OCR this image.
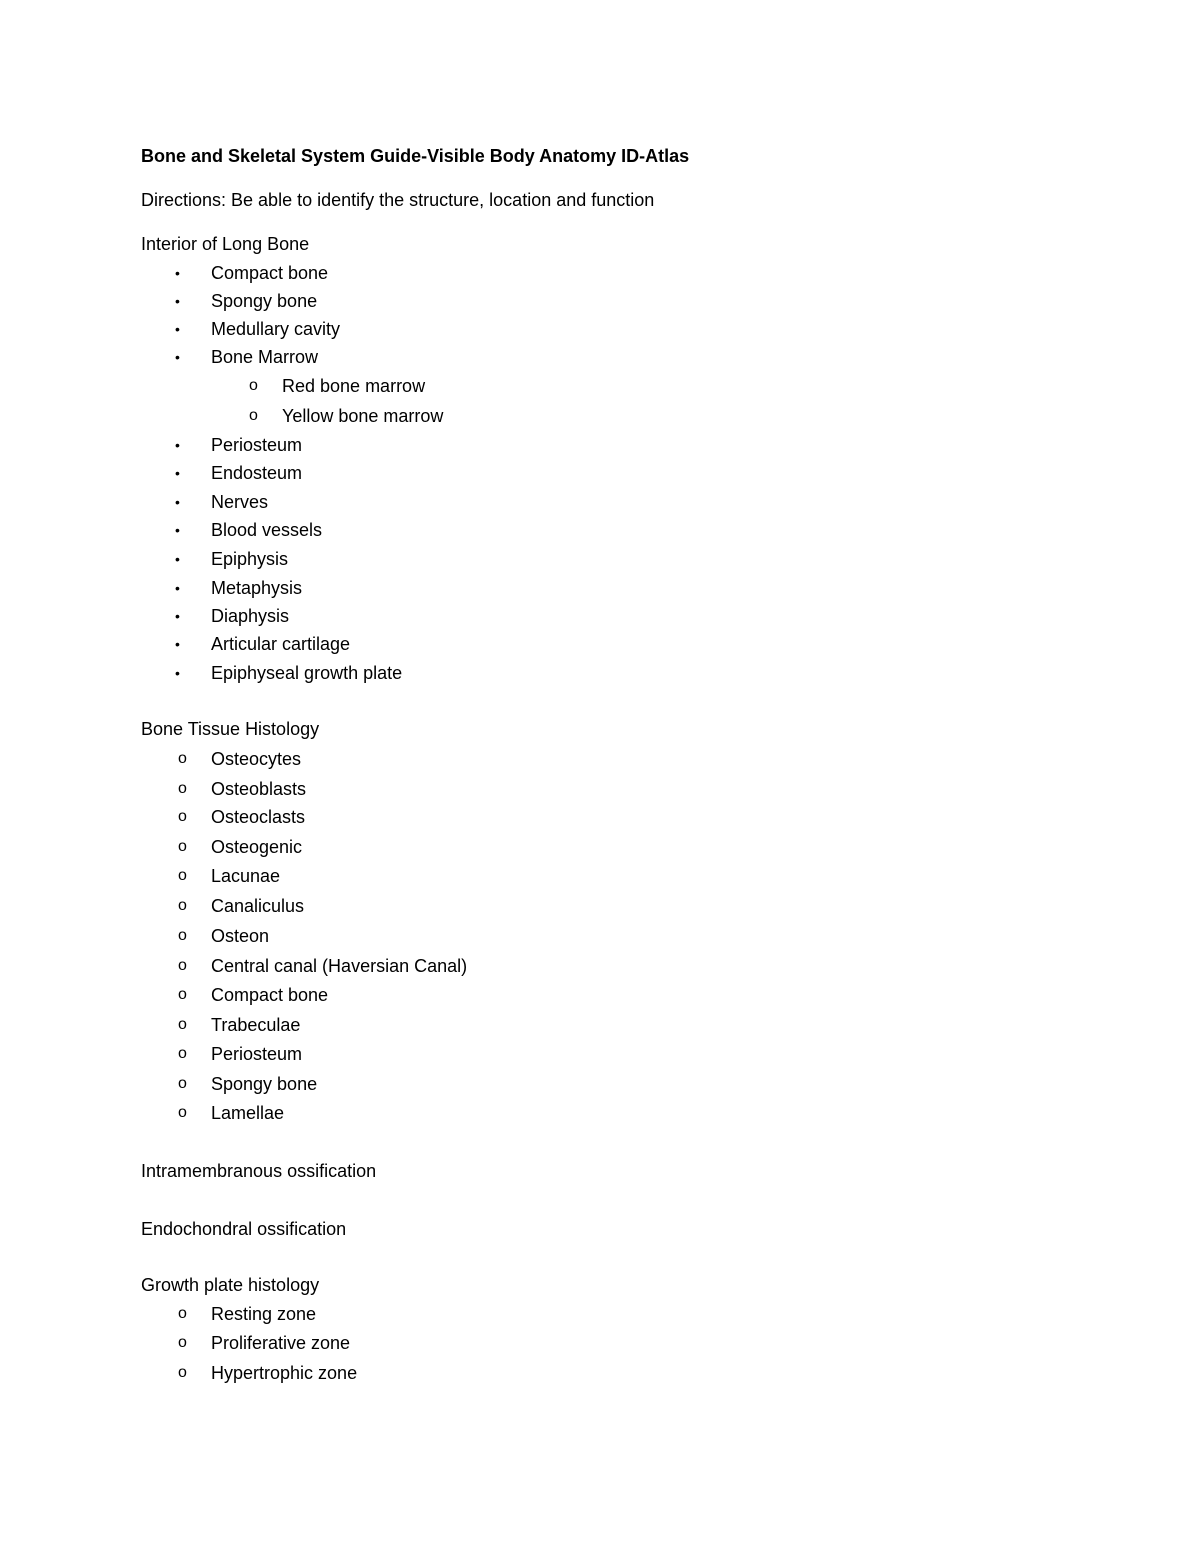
Bone and Skeletal System Guide-Visible Body Anatomy ID-Atlas
Directions: Be able to identify the structure, location and function
Interior of Long Bone
• Compact bone
• Spongy bone
• Medullary cavity
• Bone Marrow
o Red bone marrow
o Yellow bone marrow
• Periosteum
• Endosteum
• Nerves
• Blood vessels
• Epiphysis
• Metaphysis
• Diaphysis
• Articular cartilage
• Epiphyseal growth plate
Bone Tissue Histology
o Osteocytes
o Osteoblasts
o Osteoclasts
o Osteogenic
o Lacunae
o Canaliculus
o Osteon
o Central canal (Haversian Canal)
o Compact bone
o Trabeculae
o Periosteum
o Spongy bone
o Lamellae
Intramembranous ossification
Endochondral ossification
Growth plate histology
o Resting zone
o Proliferative zone
o Hypertrophic zone
